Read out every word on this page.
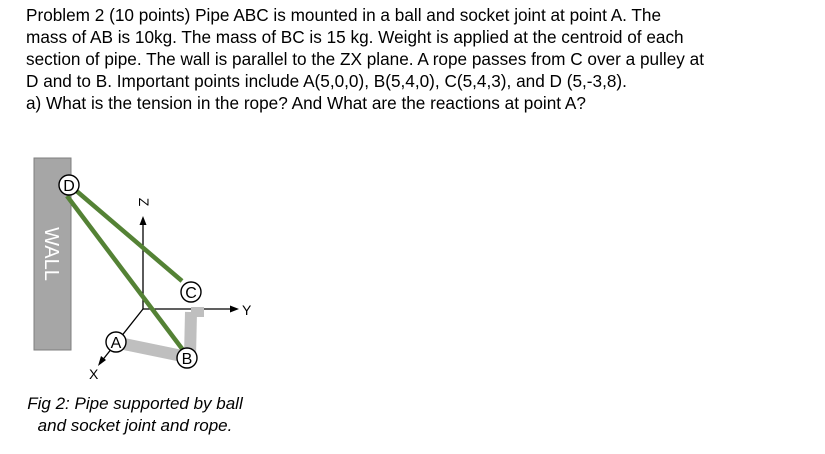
Problem 2 (10 points) Pipe ABC is mounted in a ball and socket joint at point A. The
mass of AB is 10kg. The mass of BC is 15 kg. Weight is applied at the centroid of each
section of pipe. The wall is parallel to the ZX plane. A rope passes from C over a pulley at
D and to B. Important points include A(5,0,0), B(5,4,0), C(5,4,3), and D (5,-3,8).
a) What is the tension in the rope? And What are the reactions at point A?
WALL
Z
Y
X
D
C
A
B
Fig 2: Pipe supported by ball
and socket joint and rope.
